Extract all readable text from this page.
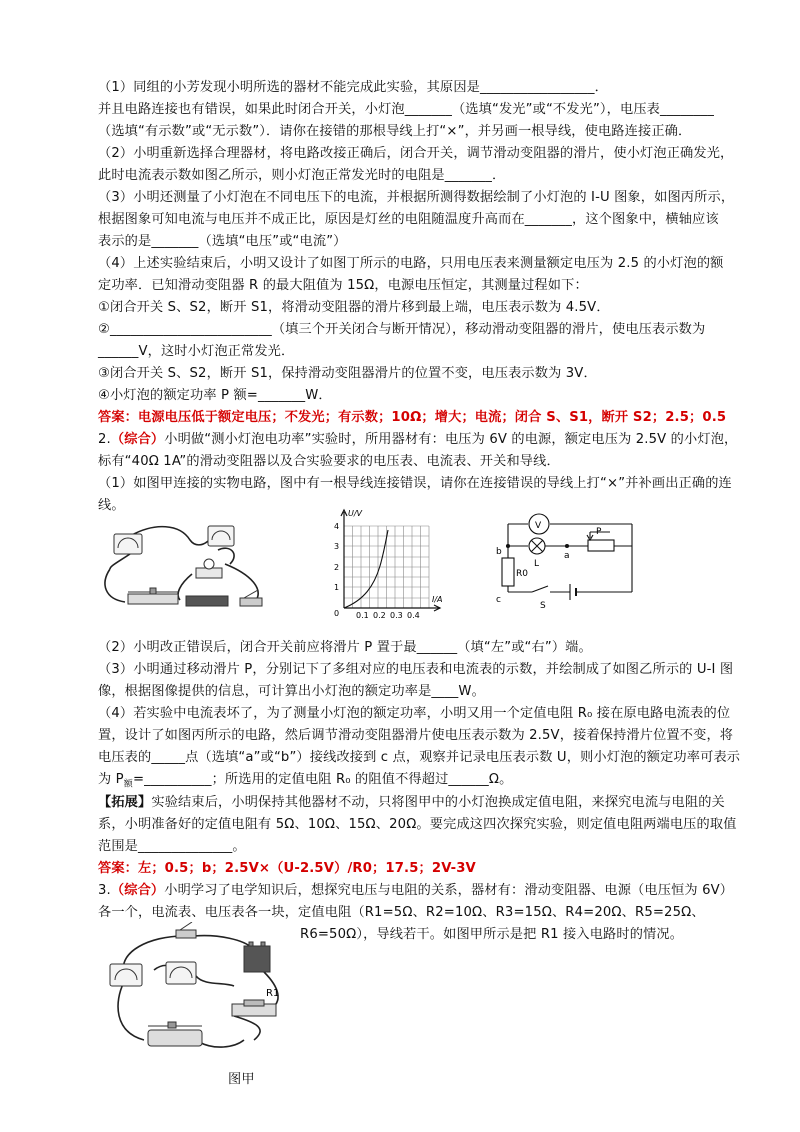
（1）同组的小芳发现小明所选的器材不能完成此实验，其原因是_________________．
并且电路连接也有错误，如果此时闭合开关，小灯泡_______（选填“发光”或“不发光”），电压表________
（选填“有示数”或“无示数”）．请你在接错的那根导线上打“×”，并另画一根导线，使电路连接正确．
（2）小明重新选择合理器材，将电路改接正确后，闭合开关，调节滑动变阻器的滑片，使小灯泡正确发光，
此时电流表示数如图乙所示，则小灯泡正常发光时的电阻是_______．
（3）小明还测量了小灯泡在不同电压下的电流，并根据所测得数据绘制了小灯泡的 I-U 图象，如图丙所示，
根据图象可知电流与电压并不成正比，原因是灯丝的电阻随温度升高而在_______，这个图象中，横轴应该
表示的是_______（选填“电压”或“电流”）
（4）上述实验结束后，小明又设计了如图丁所示的电路，只用电压表来测量额定电压为 2.5 的小灯泡的额
定功率．已知滑动变阻器 R 的最大阻值为 15Ω，电源电压恒定，其测量过程如下：
①闭合开关 S、S2，断开 S1，将滑动变阻器的滑片移到最上端，电压表示数为 4.5V．
②________________________（填三个开关闭合与断开情况），移动滑动变阻器的滑片，使电压表示数为
______V，这时小灯泡正常发光．
③闭合开关 S、S2，断开 S1，保持滑动变阻器滑片的位置不变，电压表示数为 3V．
④小灯泡的额定功率 P 额=_______W．
答案：电源电压低于额定电压；不发光；有示数；10Ω；增大；电流；闭合 S、S1，断开 S2；2.5；0.5
2.（综合）小明做“测小灯泡电功率”实验时，所用器材有：电压为 6V 的电源，额定电压为 2.5V 的小灯泡，
标有“40Ω 1A”的滑动变阻器以及合实验要求的电压表、电流表、开关和导线．
（1）如图甲连接的实物电路，图中有一根导线连接错误，请你在连接错误的导线上打“×”并补画出正确的连
线。
U/V
I/A
1
2
3
4
0 0.1 0.2 0.3 0.4
V
P
a
b
L
R0
c
S
（2）小明改正错误后，闭合开关前应将滑片 P 置于最______（填“左”或“右”）端。
（3）小明通过移动滑片 P，分别记下了多组对应的电压表和电流表的示数，并绘制成了如图乙所示的 U-I 图
像，根据图像提供的信息，可计算出小灯泡的额定功率是____W。
（4）若实验中电流表坏了，为了测量小灯泡的额定功率，小明又用一个定值电阻 R₀ 接在原电路电流表的位
置，设计了如图丙所示的电路，然后调节滑动变阻器滑片使电压表示数为 2.5V，接着保持滑片位置不变，将
电压表的_____点（选填“a”或“b”）接线改接到 c 点，观察并记录电压表示数 U，则小灯泡的额定功率可表示
为 $P_额=\_\_\_\_\_\_\_\_\_\_$；所选用的定值电阻 R₀ 的阻值不得超过______Ω。
【拓展】实验结束后，小明保持其他器材不动，只将图甲中的小灯泡换成定值电阻，来探究电流与电阻的关
系，小明准备好的定值电阻有 5Ω、10Ω、15Ω、20Ω。要完成这四次探究实验，则定值电阻两端电压的取值
范围是______________。
答案：左；0.5；b；2.5V×（U-2.5V）/R0；17.5；2V-3V
3.（综合）小明学习了电学知识后，想探究电压与电阻的关系，器材有：滑动变阻器、电源（电压恒为 6V）
各一个，电流表、电压表各一块，定值电阻（R1=5Ω、R2=10Ω、R3=15Ω、R4=20Ω、R5=25Ω、
R6=50Ω），导线若干。如图甲所示是把 R1 接入电路时的情况。
R1
图甲
